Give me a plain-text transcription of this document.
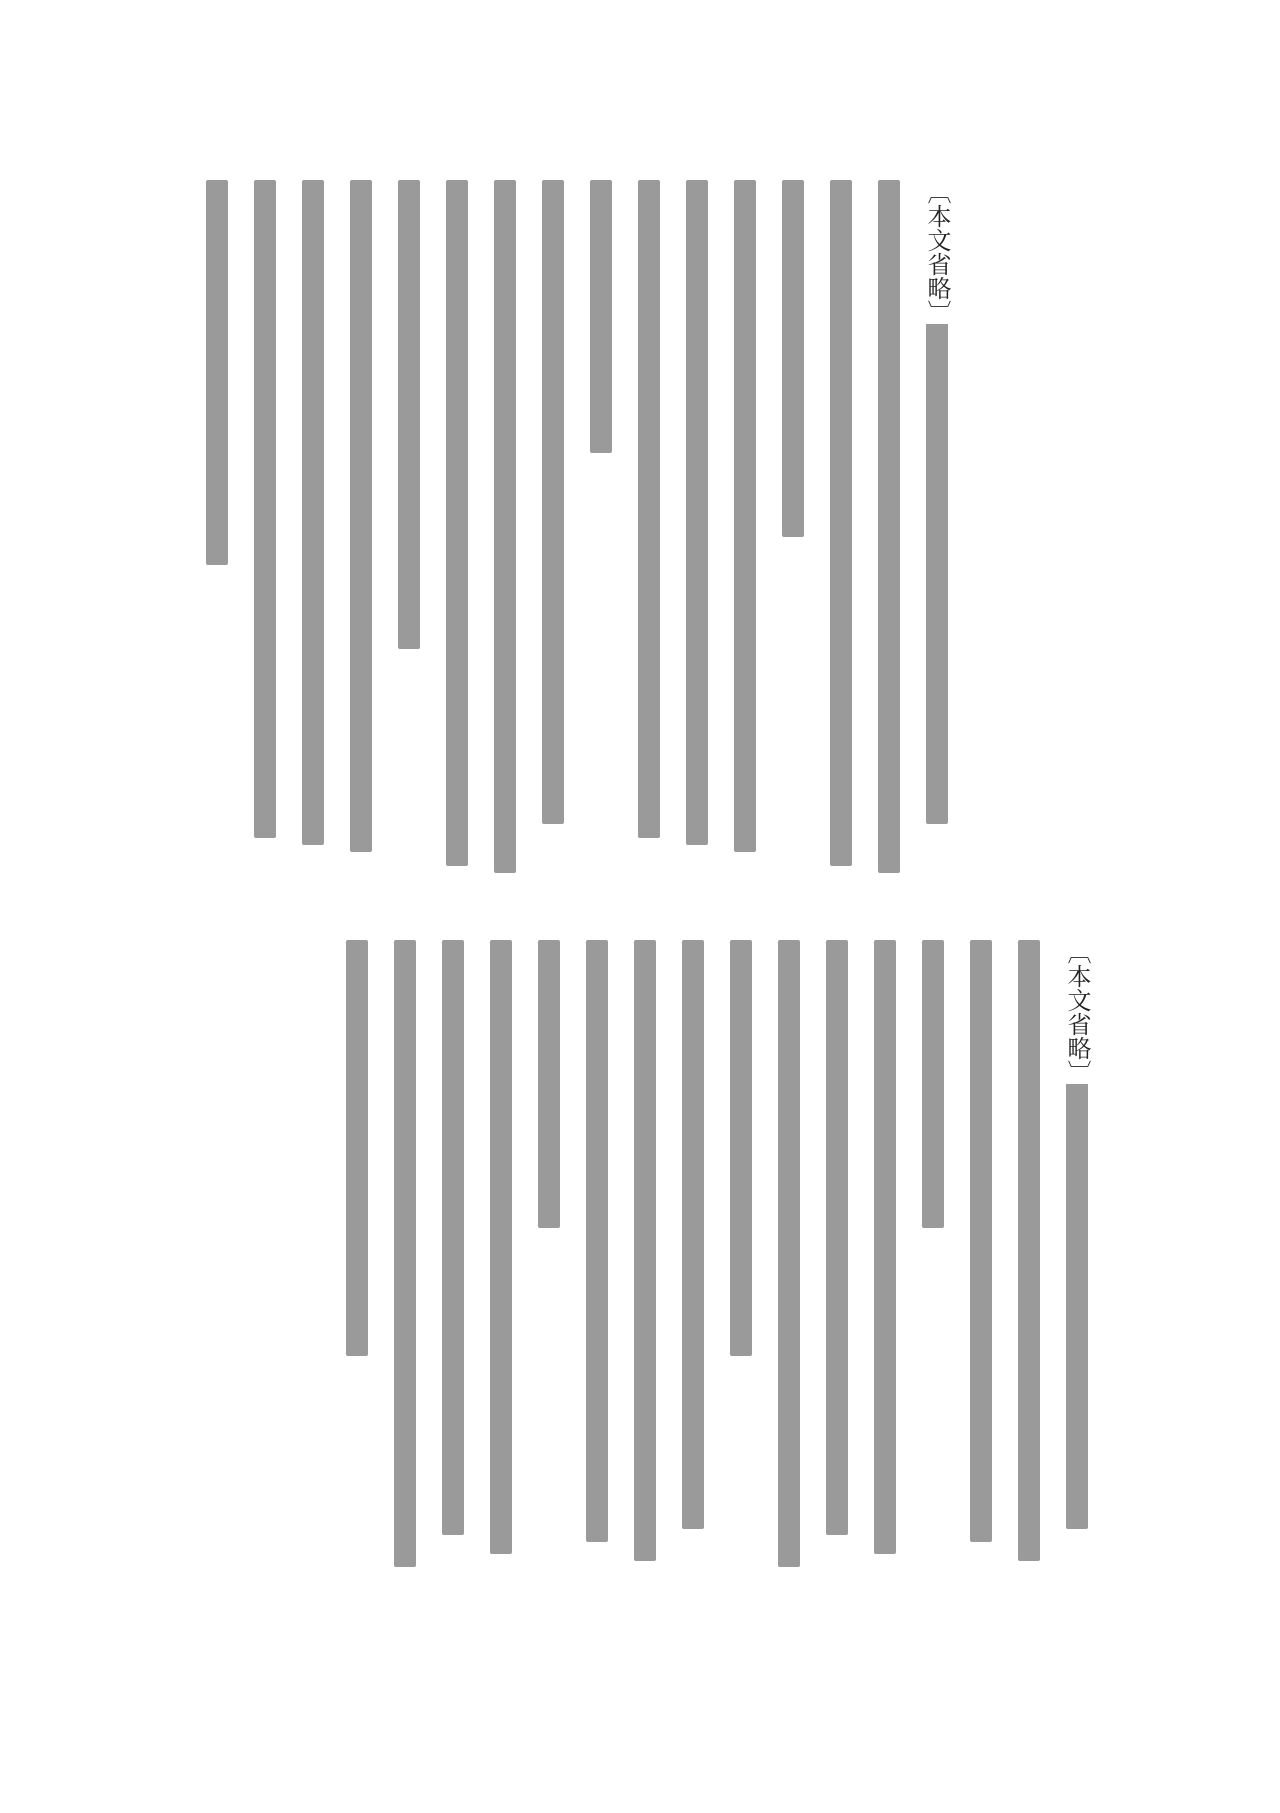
〔本文省略〕
〔本文省略〕
